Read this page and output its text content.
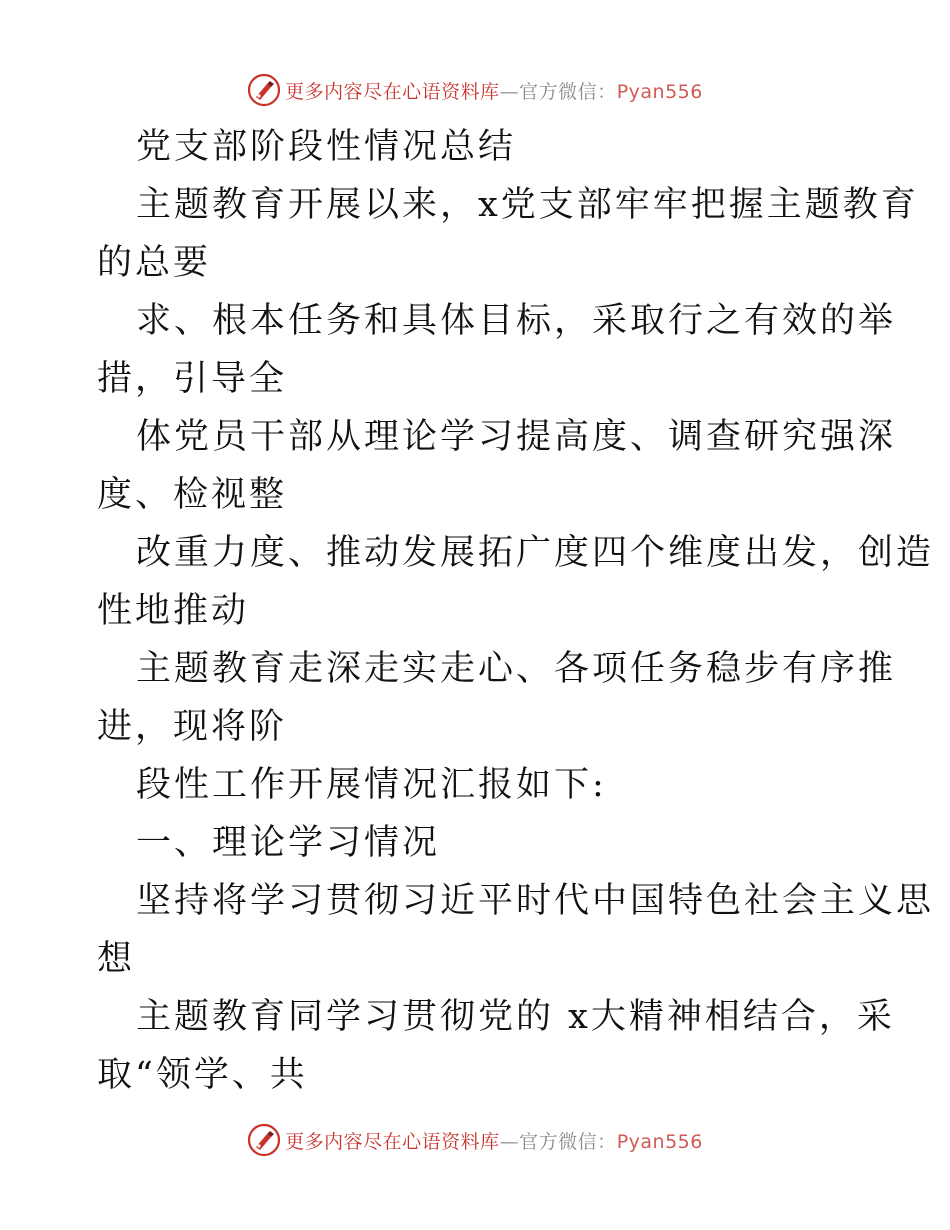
更多内容尽在心语资料库—官方微信：Pyan556
党支部阶段性情况总结
主题教育开展以来，x党支部牢牢把握主题教育
的总要
求、根本任务和具体目标，采取行之有效的举
措，引导全
体党员干部从理论学习提高度、调查研究强深
度、检视整
改重力度、推动发展拓广度四个维度出发，创造
性地推动
主题教育走深走实走心、各项任务稳步有序推
进，现将阶
段性工作开展情况汇报如下:
一、理论学习情况
坚持将学习贯彻习近平时代中国特色社会主义思
想
主题教育同学习贯彻党的 x大精神相结合，采
取“领学、共
更多内容尽在心语资料库—官方微信：Pyan556
